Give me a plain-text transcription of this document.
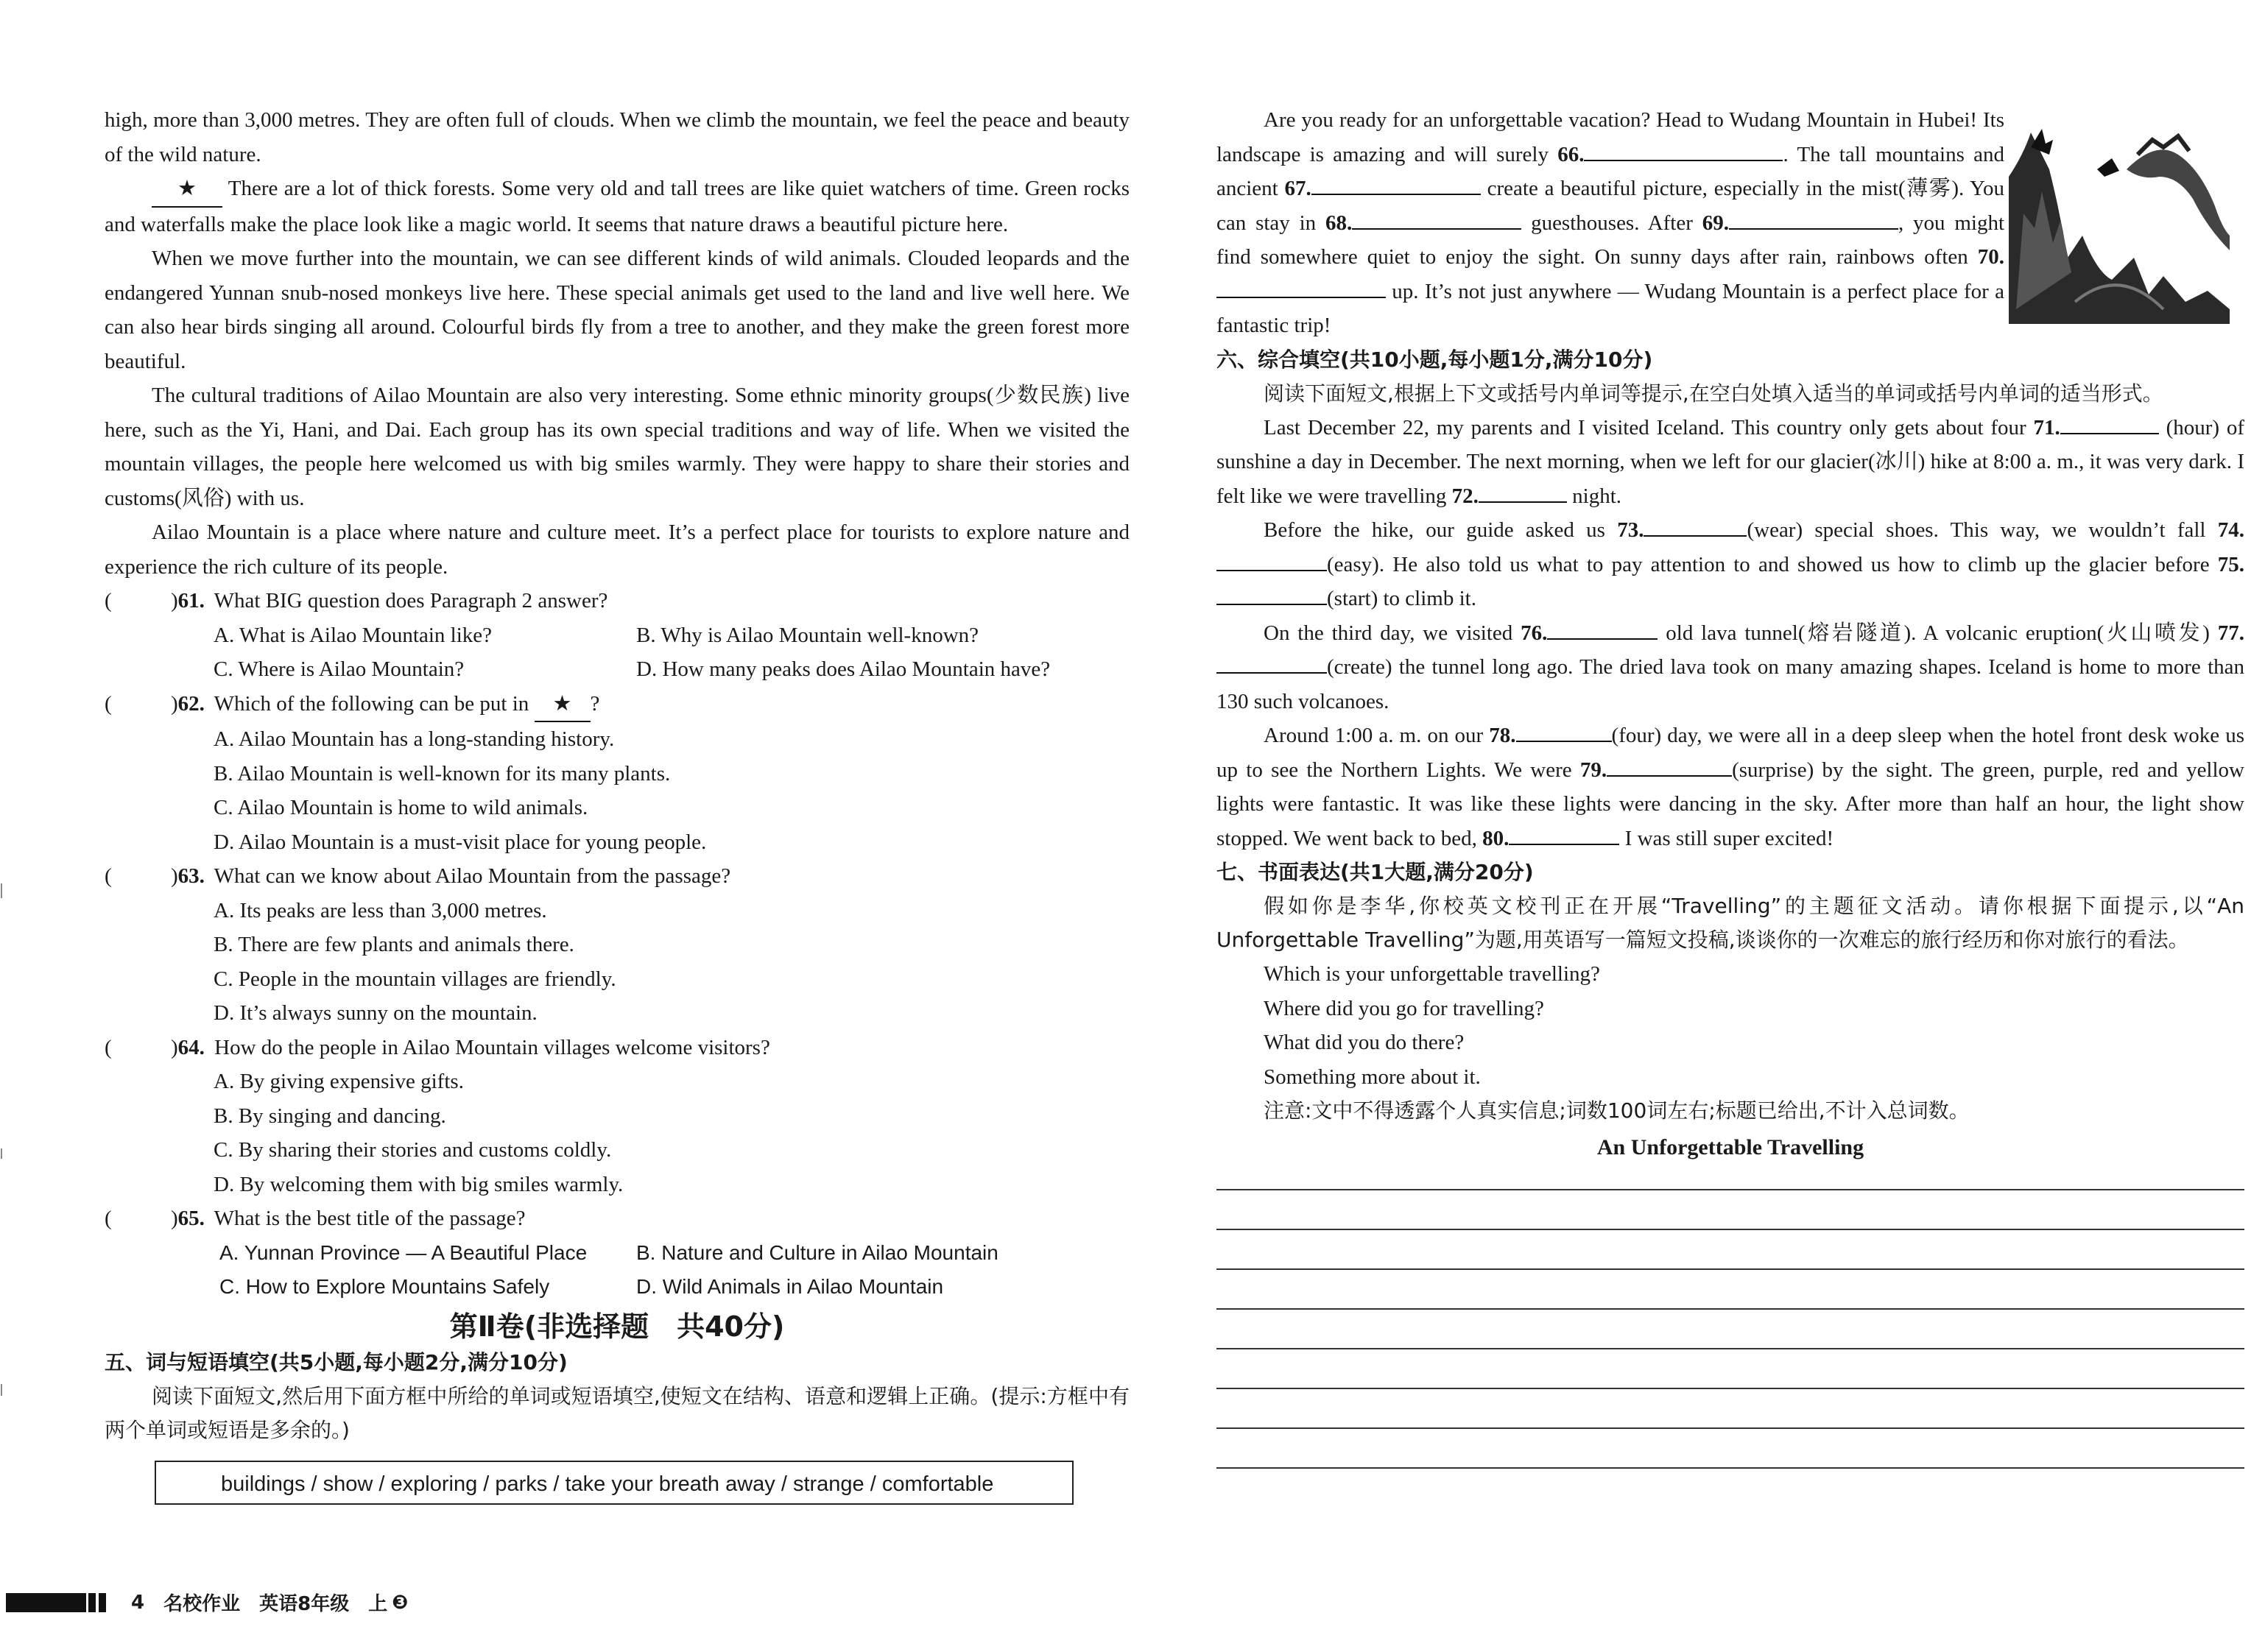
high, more than 3,000 metres. They are often full of clouds. When we climb the mountain, we feel the peace and beauty of the wild nature.

★ There are a lot of thick forests. Some very old and tall trees are like quiet watchers of time. Green rocks and waterfalls make the place look like a magic world. It seems that nature draws a beautiful picture here.

When we move further into the mountain, we can see different kinds of wild animals. Clouded leopards and the endangered Yunnan snub-nosed monkeys live here. These special animals get used to the land and live well here. We can also hear birds singing all around. Colourful birds fly from a tree to another, and they make the green forest more beautiful.

The cultural traditions of Ailao Mountain are also very interesting. Some ethnic minority groups(少数民族) live here, such as the Yi, Hani, and Dai. Each group has its own special traditions and way of life. When we visited the mountain villages, the people here welcomed us with big smiles warmly. They were happy to share their stories and customs(风俗) with us.

Ailao Mountain is a place where nature and culture meet. It’s a perfect place for tourists to explore nature and experience the rich culture of its people.

(	)61. What BIG question does Paragraph 2 answer?
A. What is Ailao Mountain like?	B. Why is Ailao Mountain well-known?
C. Where is Ailao Mountain?	D. How many peaks does Ailao Mountain have?
(	)62. Which of the following can be put in ★ ?

A. Ailao Mountain has a long-standing history.

B. Ailao Mountain is well-known for its many plants.

C. Ailao Mountain is home to wild animals.

D. Ailao Mountain is a must-visit place for young people.

(	)63. What can we know about Ailao Mountain from the passage?

A. Its peaks are less than 3,000 metres.

B. There are few plants and animals there.

C. People in the mountain villages are friendly.

D. It’s always sunny on the mountain.

(	)64. How do the people in Ailao Mountain villages welcome visitors?

A. By giving expensive gifts.

B. By singing and dancing.

C. By sharing their stories and customs coldly.

D. By welcoming them with big smiles warmly.

(	)65. What is the best title of the passage?
A. Yunnan Province — A Beautiful Place	B. Nature and Culture in Ailao Mountain
C. How to Explore Mountains Safely	D. Wild Animals in Ailao Mountain

第Ⅱ卷(非选择题　共40分)

五、词与短语填空(共5小题,每小题2分,满分10分)

阅读下面短文,然后用下面方框中所给的单词或短语填空,使短文在结构、语意和逻辑上正确。(提示:方框中有两个单词或短语是多余的。)

buildings / show / exploring / parks / take your breath away / strange / comfortable

Are you ready for an unforgettable vacation? Head to Wudang Mountain in Hubei! Its landscape is amazing and will surely 66.	. The tall mountains and ancient 67.	create a beautiful picture, especially in the mist(薄雾). You can stay in 68.	guesthouses. After 69.	, you might find somewhere quiet to enjoy the sight. On sunny days after rain, rainbows often 70. up. It’s not just anywhere — Wudang Mountain is a perfect place for a fantastic trip!

六、综合填空(共10小题,每小题1分,满分10分)

阅读下面短文,根据上下文或括号内单词等提示,在空白处填入适当的单词或括号内单词的适当形式。

Last December 22, my parents and I visited Iceland. This country only gets about four 71.	(hour) of sunshine a day in December. The next morning, when we left for our glacier(冰川) hike at 8:00 a. m., it was very dark. I felt like we were travelling 72.	night.

Before the hike, our guide asked us 73.	(wear) special shoes. This way, we wouldn’t fall 74.(easy). He also told us what to pay attention to and showed us how to climb up the glacier before 75.(start) to climb it.

On the third day, we visited 76.	old lava tunnel(熔岩隧道). A volcanic eruption(火山喷发) 77.(create) the tunnel long ago. The dried lava took on many amazing shapes. Iceland is home to more than 130 such volcanoes.

Around 1:00 a. m. on our 78.	(four) day, we were all in a deep sleep when the hotel front desk woke us up to see the Northern Lights. We were 79.	(surprise) by the sight. The green, purple, red and yellow lights were fantastic. It was like these lights were dancing in the sky. After more than half an hour, the light show stopped. We went back to bed, 80.	I was still super excited!

七、书面表达(共1大题,满分20分)

假如你是李华,你校英文校刊正在开展“Travelling”的主题征文活动。请你根据下面提示,以“An Unforgettable Travelling”为题,用英语写一篇短文投稿,谈谈你的一次难忘的旅行经历和你对旅行的看法。

Which is your unforgettable travelling?

Where did you go for travelling?

What did you do there?

Something more about it.

注意:文中不得透露个人真实信息;词数100词左右;标题已给出,不计入总词数。

An Unforgettable Travelling

4 名校作业 英语8年级 上 ❸
